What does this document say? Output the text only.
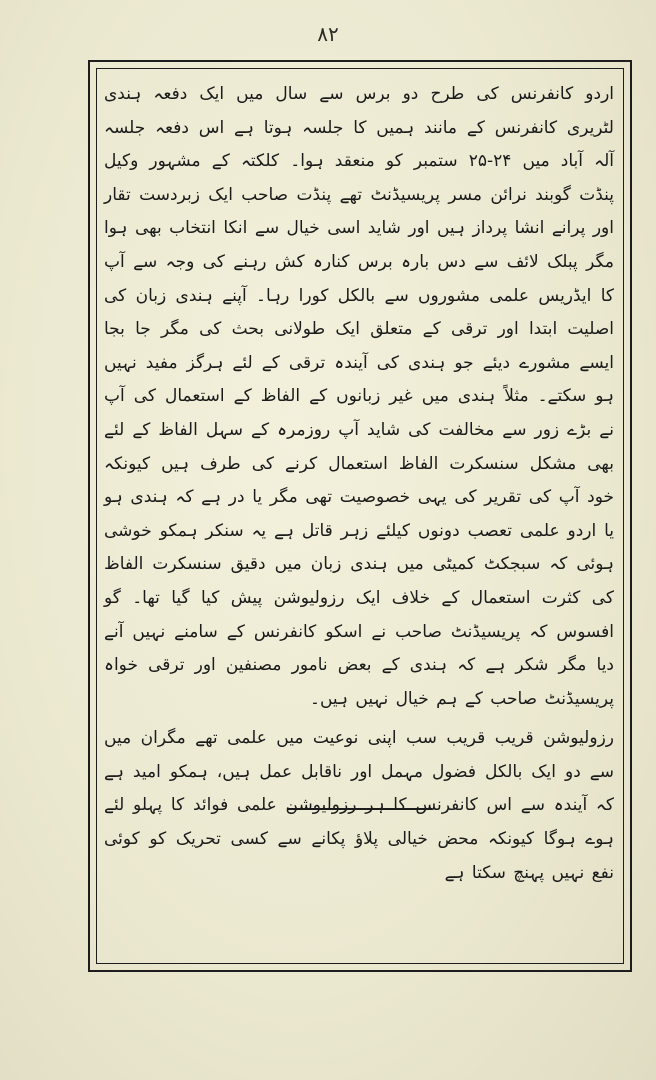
۸۲

اردو کانفرنس کی طرح دو برس سے سال میں ایک دفعہ ہندی لٹریری کانفرنس کے مانند ہمیں کا جلسہ ہوتا ہے اس دفعہ جلسہ آلہ آباد میں ۲۴-۲۵ ستمبر کو منعقد ہوا۔ کلکتہ کے مشہور وکیل پنڈت گوبند نرائن مسر پریسیڈنٹ تھے پنڈت صاحب ایک زبردست تقار اور پرانے انشا پرداز ہیں اور شاید اسی خیال سے انکا انتخاب بھی ہوا مگر پبلک لائف سے دس بارہ برس کنارہ کش رہنے کی وجہ سے آپ کا ایڈریس علمی مشوروں سے بالکل کورا رہا۔ آپنے ہندی زبان کی اصلیت ابتدا اور ترقی کے متعلق ایک طولانی بحث کی مگر جا بجا ایسے مشورے دیئے جو ہندی کی آیندہ ترقی کے لئے ہرگز مفید نہیں ہو سکتے۔ مثلاً ہندی میں غیر زبانوں کے الفاظ کے استعمال کی آپ نے بڑے زور سے مخالفت کی شاید آپ روزمرہ کے سہل الفاظ کے لئے بھی مشکل سنسکرت الفاظ استعمال کرنے کی طرف ہیں کیونکہ خود آپ کی تقریر کی یہی خصوصیت تھی مگر یا در ہے کہ ہندی ہو یا اردو علمی تعصب دونوں کیلئے زہر قاتل ہے یہ سنکر ہمکو خوشی ہوئی کہ سبجکٹ کمیٹی میں ہندی زبان میں دقیق سنسکرت الفاظ کی کثرت استعمال کے خلاف ایک رزولیوشن پیش کیا گیا تھا۔ گو افسوس کہ پریسیڈنٹ صاحب نے اسکو کانفرنس کے سامنے نہیں آنے دیا مگر شکر ہے کہ ہندی کے بعض نامور مصنفین اور ترقی خواہ پریسیڈنٹ صاحب کے ہم خیال نہیں ہیں۔

رزولیوشن قریب قریب سب اپنی نوعیت میں علمی تھے مگران میں سے دو ایک بالکل فضول مہمل اور ناقابل عمل ہیں، ہمکو امید ہے کہ آیندہ سے اس کانفرنس کا ہر رزولیوشن علمی فوائد کا پہلو لئے ہوے ہوگا کیونکہ محض خیالی پلاؤ پکانے سے کسی تحریک کو کوئی نفع نہیں پہنچ سکتا ہے
